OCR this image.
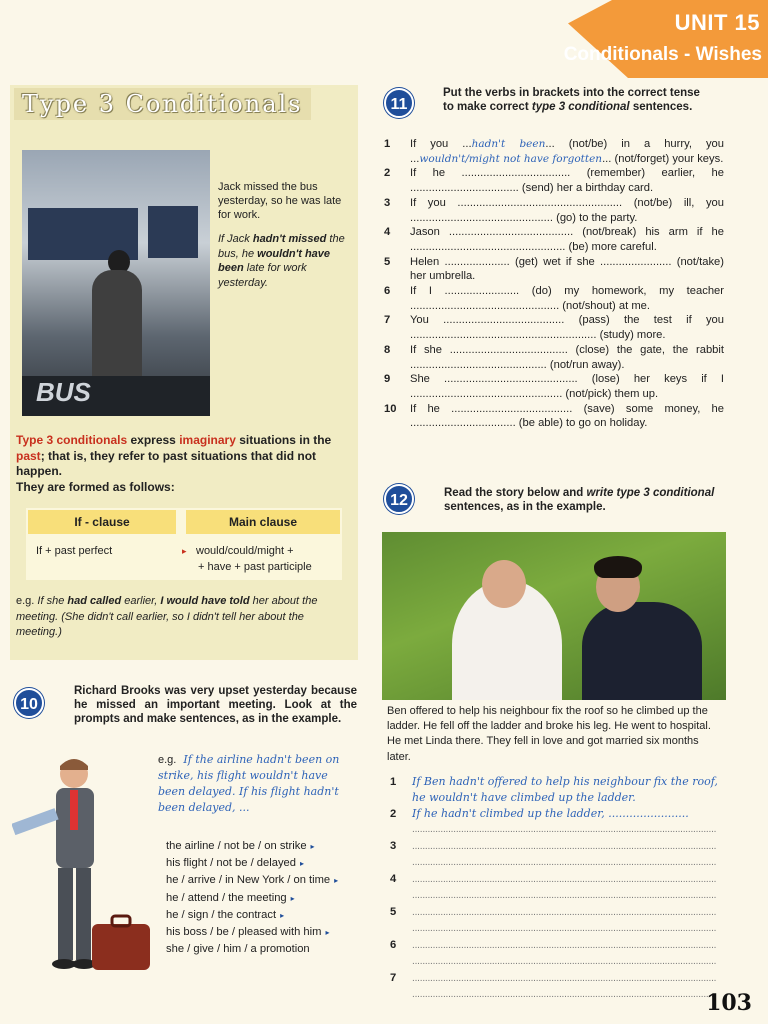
UNIT 15
Conditionals - Wishes
Type 3 Conditionals
BUS
Jack missed the bus yesterday, so he was late for work.
If Jack hadn't missed the bus, he wouldn't have been late for work yesterday.
Type 3 conditionals express imaginary situations in the past; that is, they refer to past situations that did not happen.
They are formed as follows:
If - clause	Main clause
If + past perfect	▸ would/could/might +
+ have + past participle
e.g. If she had called earlier, I would have told her about the meeting. (She didn't call earlier, so I didn't tell her about the meeting.)
11
Put the verbs in brackets into the correct tense to make correct type 3 conditional sentences.
1	If you ...hadn't been... (not/be) in a hurry, you ...wouldn't/might not have forgotten... (not/forget) your keys.
2	If he ................................... (remember) earlier, he ................................... (send) her a birthday card.
3	If you ..................................................... (not/be) ill, you .............................................. (go) to the party.
4	Jason ........................................ (not/break) his arm if he .................................................. (be) more careful.
5	Helen ..................... (get) wet if she ....................... (not/take) her umbrella.
6	If I ........................ (do) my homework, my teacher ................................................ (not/shout) at me.
7	You ....................................... (pass) the test if you ............................................................ (study) more.
8	If she ...................................... (close) the gate, the rabbit ............................................ (not/run away).
9	She ........................................... (lose) her keys if I ................................................. (not/pick) them up.
10	If he ....................................... (save) some money, he .................................. (be able) to go on holiday.
12	Read the story below and write type 3 conditional sentences, as in the example.
Ben offered to help his neighbour fix the roof so he climbed up the ladder. He fell off the ladder and broke his leg. He went to hospital. He met Linda there. They fell in love and got married six months later.
1	If Ben hadn't offered to help his neighbour fix the roof, he wouldn't have climbed up the ladder.
2	If he hadn't climbed up the ladder, .......................
......................................................................................................................
3	......................................................................................................................
......................................................................................................................
4	......................................................................................................................
......................................................................................................................
5	......................................................................................................................
......................................................................................................................
6	......................................................................................................................
......................................................................................................................
7	......................................................................................................................
......................................................................................................................
10
Richard Brooks was very upset yesterday because he missed an important meeting. Look at the prompts and make sentences, as in the example.
e.g. If the airline hadn't been on strike, his flight wouldn't have been delayed. If his flight hadn't been delayed, ...
the airline / not be / on strike ▸
his flight / not be / delayed ▸
he / arrive / in New York / on time ▸
he / attend / the meeting ▸
he / sign / the contract ▸
his boss / be / pleased with him ▸
she / give / him / a promotion
103
